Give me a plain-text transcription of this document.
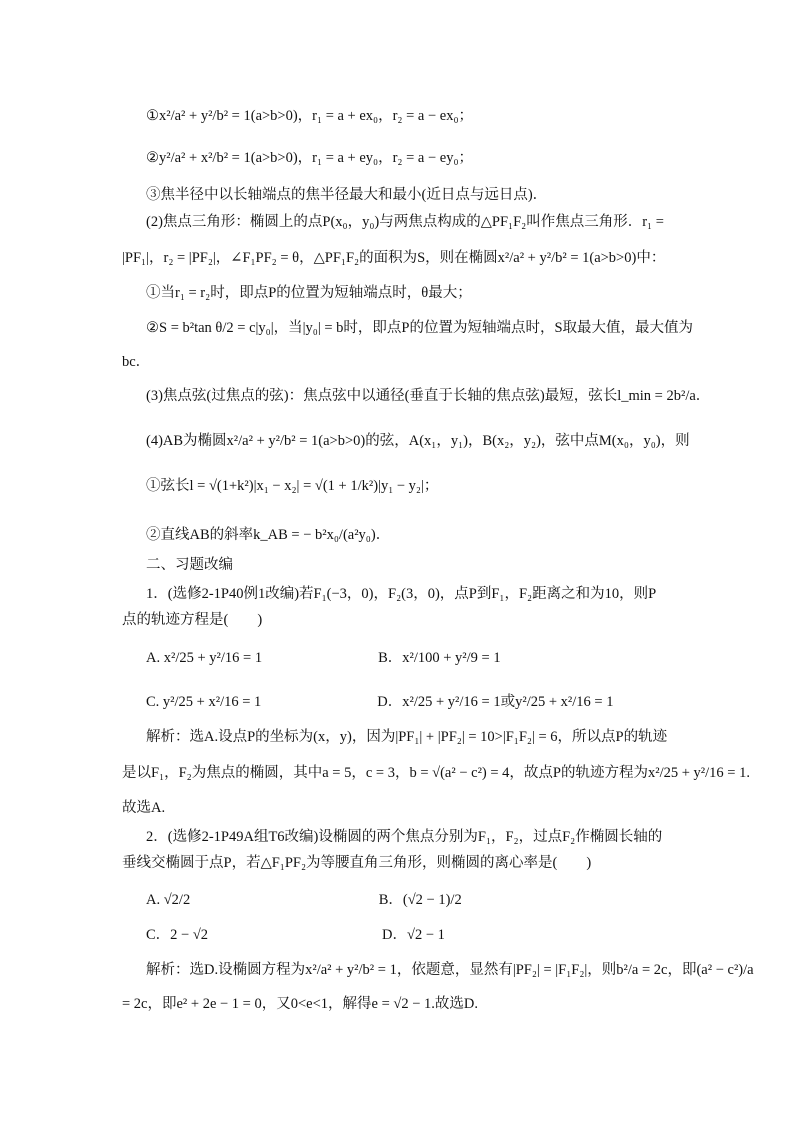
①x²/a² + y²/b² = 1(a>b>0)，r₁ = a + ex₀，r₂ = a − ex₀；
②y²/a² + x²/b² = 1(a>b>0)，r₁ = a + ey₀，r₂ = a − ey₀；
③焦半径中以长轴端点的焦半径最大和最小(近日点与远日点)．
(2)焦点三角形：椭圆上的点P(x₀，y₀)与两焦点构成的△PF₁F₂叫作焦点三角形．r₁ =
|PF₁|，r₂ = |PF₂|，∠F₁PF₂ = θ，△PF₁F₂的面积为S，则在椭圆x²/a² + y²/b² = 1(a>b>0)中：
①当r₁ = r₂时，即点P的位置为短轴端点时，θ最大；
②S = b²tan θ/2 = c|y₀|，当|y₀| = b时，即点P的位置为短轴端点时，S取最大值，最大值为
bc．
(3)焦点弦(过焦点的弦)：焦点弦中以通径(垂直于长轴的焦点弦)最短，弦长l_min = 2b²/a．
(4)AB为椭圆x²/a² + y²/b² = 1(a>b>0)的弦，A(x₁，y₁)，B(x₂，y₂)，弦中点M(x₀，y₀)，则
①弦长l = √(1+k²)|x₁ − x₂| = √(1 + 1/k²)|y₁ − y₂|；
②直线AB的斜率k_AB = − b²x₀/(a²y₀)．
二、习题改编
1．(选修2-1P40例1改编)若F₁(−3，0)，F₂(3，0)，点P到F₁，F₂距离之和为10，则P
点的轨迹方程是(　　)
A. x²/25 + y²/16 = 1　　　　　　　　B．x²/100 + y²/9 = 1
C. y²/25 + x²/16 = 1　　　　　　　　D．x²/25 + y²/16 = 1或y²/25 + x²/16 = 1
解析：选A.设点P的坐标为(x，y)，因为|PF₁| + |PF₂| = 10>|F₁F₂| = 6，所以点P的轨迹
是以F₁，F₂为焦点的椭圆，其中a = 5，c = 3，b = √(a² − c²) = 4，故点P的轨迹方程为x²/25 + y²/16 = 1.
故选A.
2．(选修2-1P49A组T6改编)设椭圆的两个焦点分别为F₁，F₂，过点F₂作椭圆长轴的
垂线交椭圆于点P，若△F₁PF₂为等腰直角三角形，则椭圆的离心率是(　　)
A. √2/2　　　　　　　　　　　　　B．(√2 − 1)/2
C．2 − √2　　　　　　　　　　　　D．√2 − 1
解析：选D.设椭圆方程为x²/a² + y²/b² = 1，依题意，显然有|PF₂| = |F₁F₂|，则b²/a = 2c，即(a² − c²)/a
= 2c，即e² + 2e − 1 = 0，又0<e<1，解得e = √2 − 1.故选D.
